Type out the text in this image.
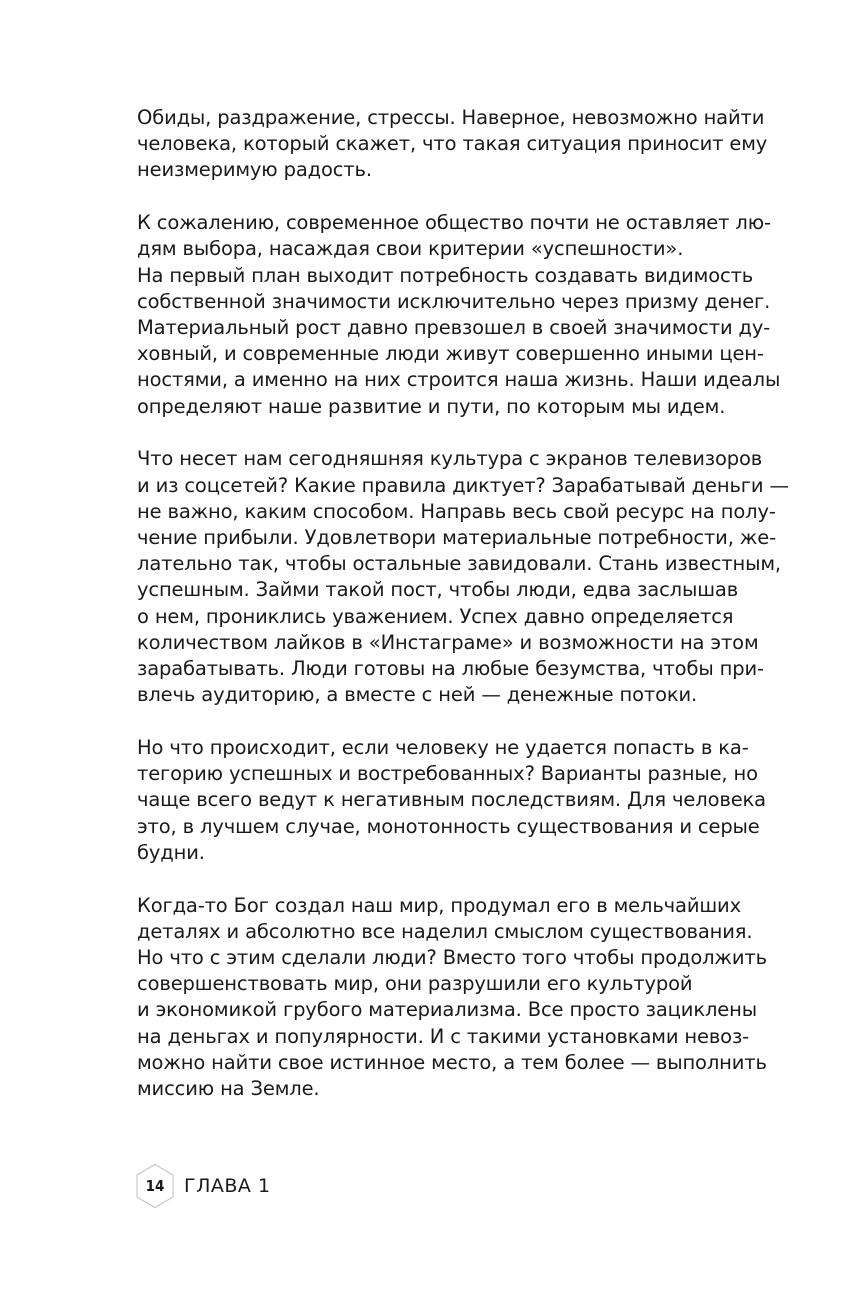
Обиды, раздражение, стрессы. Наверное, невозможно найти
человека, который скажет, что такая ситуация приносит ему
неизмеримую радость.

К сожалению, современное общество почти не оставляет лю-
дям выбора, насаждая свои критерии «успешности».
На первый план выходит потребность создавать видимость
собственной значимости исключительно через призму денег.
Материальный рост давно превзошел в своей значимости ду-
ховный, и современные люди живут совершенно иными цен-
ностями, а именно на них строится наша жизнь. Наши идеалы
определяют наше развитие и пути, по которым мы идем.

Что несет нам сегодняшняя культура с экранов телевизоров
и из соцсетей? Какие правила диктует? Зарабатывай деньги —
не важно, каким способом. Направь весь свой ресурс на полу-
чение прибыли. Удовлетвори материальные потребности, же-
лательно так, чтобы остальные завидовали. Стань известным,
успешным. Займи такой пост, чтобы люди, едва заслышав
о нем, прониклись уважением. Успех давно определяется
количеством лайков в «Инстаграме» и возможности на этом
зарабатывать. Люди готовы на любые безумства, чтобы при-
влечь аудиторию, а вместе с ней — денежные потоки.

Но что происходит, если человеку не удается попасть в ка-
тегорию успешных и востребованных? Варианты разные, но
чаще всего ведут к негативным последствиям. Для человека
это, в лучшем случае, монотонность существования и серые
будни.

Когда-то Бог создал наш мир, продумал его в мельчайших
деталях и абсолютно все наделил смыслом существования.
Но что с этим сделали люди? Вместо того чтобы продолжить
совершенствовать мир, они разрушили его культурой
и экономикой грубого материализма. Все просто зациклены
на деньгах и популярности. И с такими установками невоз-
можно найти свое истинное место, а тем более — выполнить
миссию на Земле.

14	ГЛАВА 1
